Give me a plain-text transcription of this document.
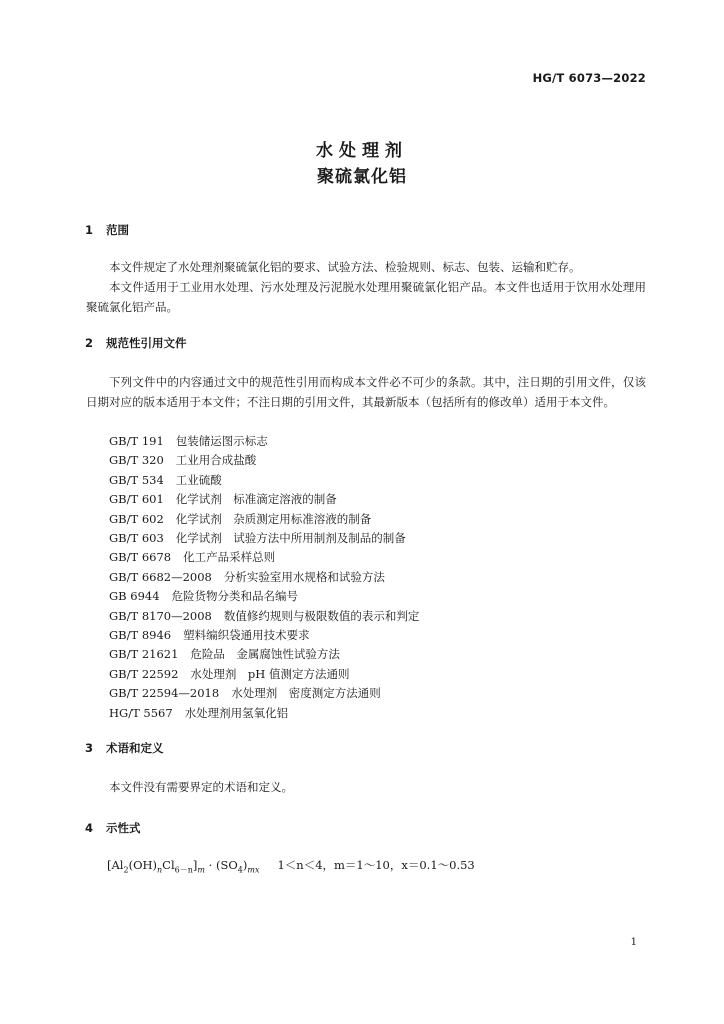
HG/T 6073—2022
水处理剂
聚硫氯化铝
1 范围

本文件规定了水处理剂聚硫氯化铝的要求、试验方法、检验规则、标志、包装、运输和贮存。

本文件适用于工业用水处理、污水处理及污泥脱水处理用聚硫氯化铝产品。本文件也适用于饮用水处理用聚硫氯化铝产品。

2 规范性引用文件

下列文件中的内容通过文中的规范性引用而构成本文件必不可少的条款。其中，注日期的引用文件，仅该日期对应的版本适用于本文件；不注日期的引用文件，其最新版本（包括所有的修改单）适用于本文件。

GB/T 191 包装储运图示标志
GB/T 320 工业用合成盐酸
GB/T 534 工业硫酸
GB/T 601 化学试剂　标准滴定溶液的制备
GB/T 602 化学试剂　杂质测定用标准溶液的制备
GB/T 603 化学试剂　试验方法中所用制剂及制品的制备
GB/T 6678 化工产品采样总则
GB/T 6682—2008 分析实验室用水规格和试验方法
GB 6944 危险货物分类和品名编号
GB/T 8170—2008 数值修约规则与极限数值的表示和判定
GB/T 8946 塑料编织袋通用技术要求
GB/T 21621 危险品　金属腐蚀性试验方法
GB/T 22592 水处理剂　pH 值测定方法通则
GB/T 22594—2018 水处理剂　密度测定方法通则
HG/T 5567 水处理剂用氢氧化铝
3 术语和定义

本文件没有需要界定的术语和定义。

4 示性式
$[Al_2(OH)_nCl_{6-n}]_m \cdot (SO_4)_{mx}$ 1＜n＜4，m＝1～10，x＝0.1～0.53
1
